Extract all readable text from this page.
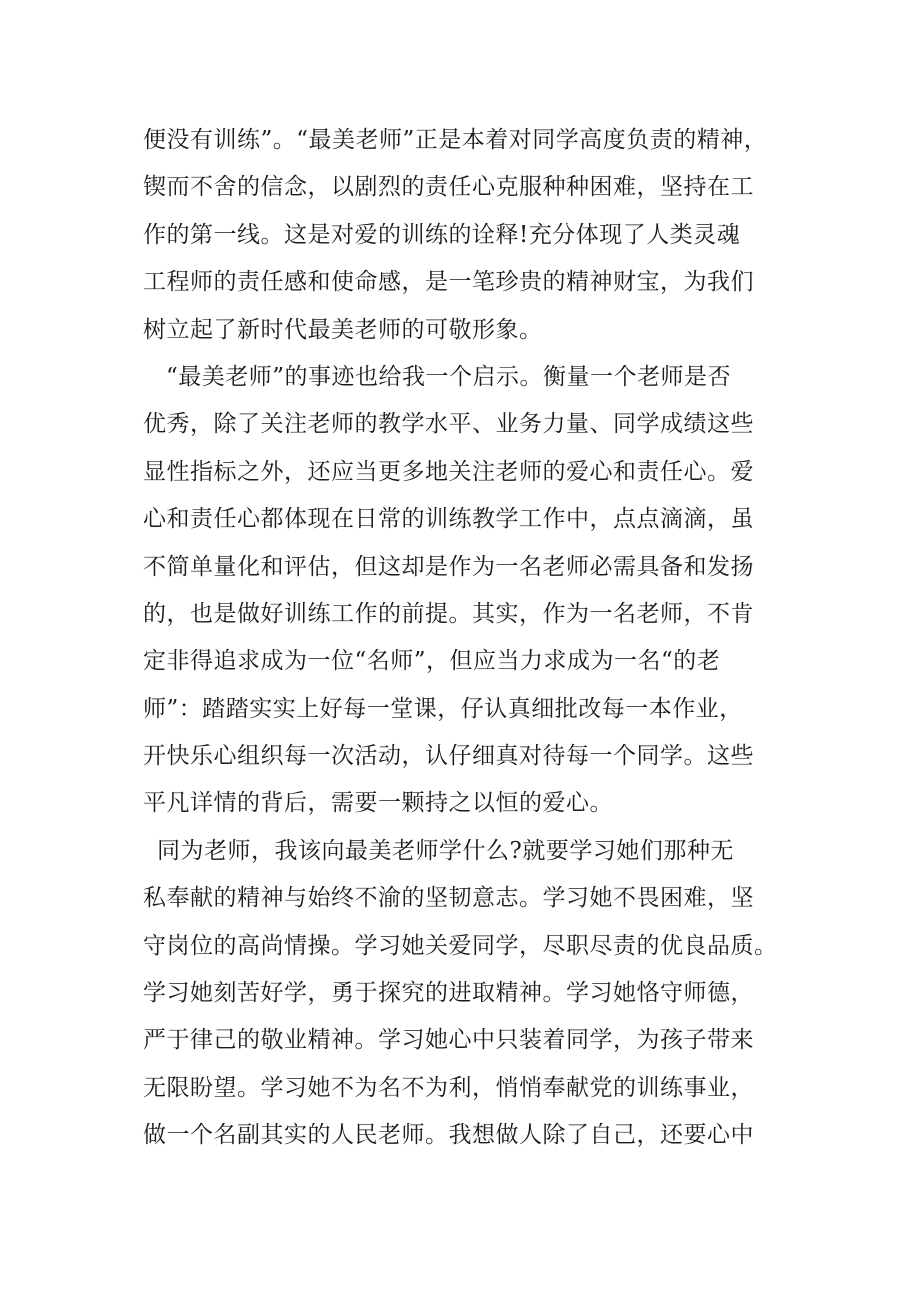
便没有训练”。“最美老师”正是本着对同学高度负责的精神，
锲而不舍的信念，以剧烈的责任心克服种种困难，坚持在工
作的第一线。这是对爱的训练的诠释!充分体现了人类灵魂
工程师的责任感和使命感，是一笔珍贵的精神财宝，为我们
树立起了新时代最美老师的可敬形象。
“最美老师”的事迹也给我一个启示。衡量一个老师是否
优秀，除了关注老师的教学水平、业务力量、同学成绩这些
显性指标之外，还应当更多地关注老师的爱心和责任心。爱
心和责任心都体现在日常的训练教学工作中，点点滴滴，虽
不简单量化和评估，但这却是作为一名老师必需具备和发扬
的，也是做好训练工作的前提。其实，作为一名老师，不肯
定非得追求成为一位“名师”，但应当力求成为一名“的老
师”：踏踏实实上好每一堂课，仔认真细批改每一本作业，
开快乐心组织每一次活动，认仔细真对待每一个同学。这些
平凡详情的背后，需要一颗持之以恒的爱心。
同为老师，我该向最美老师学什么?就要学习她们那种无
私奉献的精神与始终不渝的坚韧意志。学习她不畏困难，坚
守岗位的高尚情操。学习她关爱同学，尽职尽责的优良品质。
学习她刻苦好学，勇于探究的进取精神。学习她恪守师德，
严于律己的敬业精神。学习她心中只装着同学，为孩子带来
无限盼望。学习她不为名不为利，悄悄奉献党的训练事业，
做一个名副其实的人民老师。我想做人除了自己，还要心中
